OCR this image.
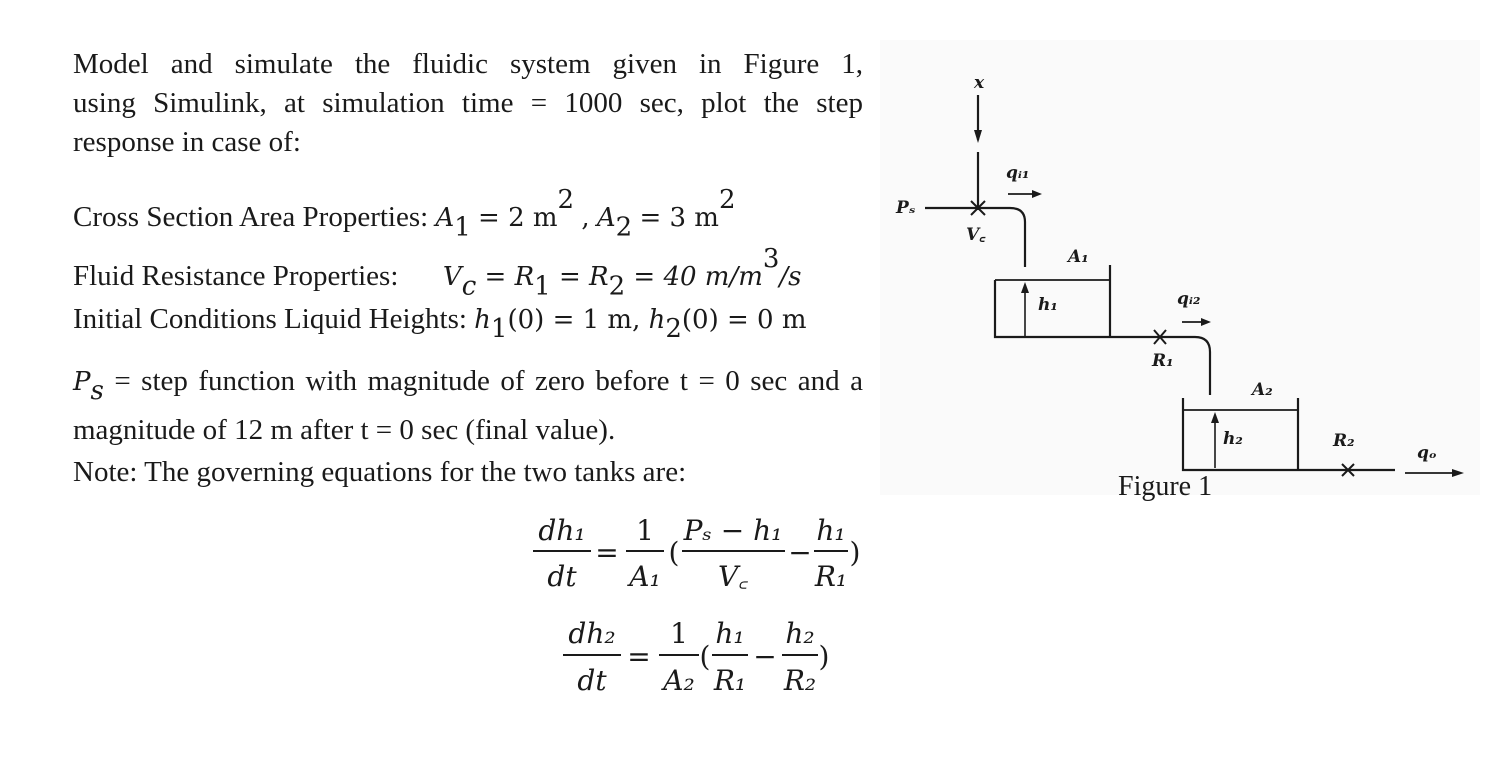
Model and simulate the fluidic system given in Figure 1,
using Simulink, at simulation time = 1000 sec, plot the step
response in case of:
Cross Section Area Properties: $A_1 = 2$ $m^2$ , $A_2 = 3$ $m^2$
Fluid Resistance Properties: $V_c = R_1 = R_2 = 40$ $m/m^3/s$
Initial Conditions Liquid Heights: $h_1(0) = 1$ m, $h_2(0) = 0$ m
$P_s$ = step function with magnitude of zero before t = 0 sec and a
magnitude of 12 m after t = 0 sec (final value).
Note: The governing equations for the two tanks are:
dh₁
dt
=
1
A₁
(
Pₛ − h₁
V꜀
−
h₁
R₁
)
dh₂
dt
=
1
A₂
(
h₁
R₁
−
h₂
R₂
)
x
qᵢ₁
Pₛ
V꜀
A₁
h₁	qᵢ₂
R₁
A₂
h₂	R₂
qₒ
Figure 1
